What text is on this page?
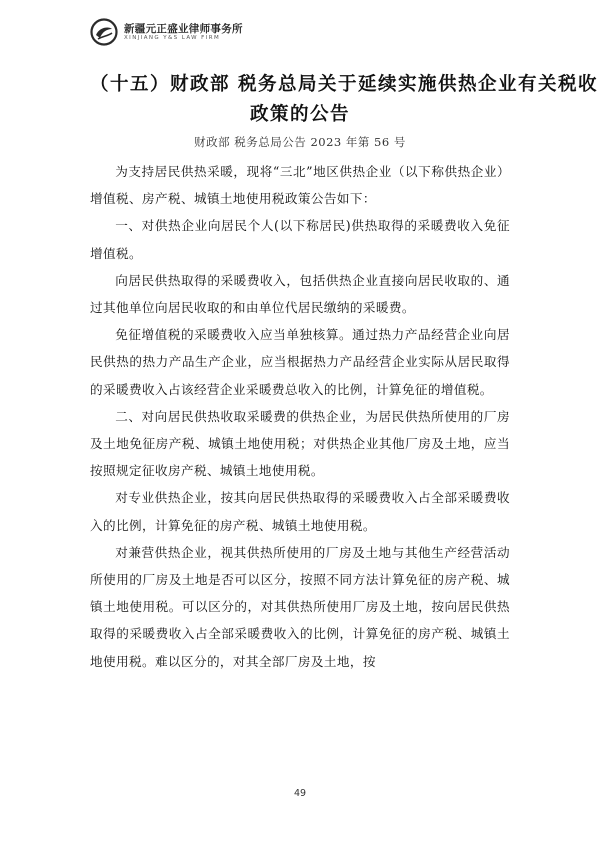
新疆元正盛业律师事务所
XINJIANG Y&S LAW FIRM
（十五）财政部 税务总局关于延续实施供热企业有关税收
政策的公告
财政部 税务总局公告 2023 年第 56 号

为支持居民供热采暖，现将“三北”地区供热企业（以下称供热企业）增值税、房产税、城镇土地使用税政策公告如下：

一、对供热企业向居民个人(以下称居民)供热取得的采暖费收入免征增值税。

向居民供热取得的采暖费收入，包括供热企业直接向居民收取的、通过其他单位向居民收取的和由单位代居民缴纳的采暖费。

免征增值税的采暖费收入应当单独核算。通过热力产品经营企业向居民供热的热力产品生产企业，应当根据热力产品经营企业实际从居民取得的采暖费收入占该经营企业采暖费总收入的比例，计算免征的增值税。

二、对向居民供热收取采暖费的供热企业，为居民供热所使用的厂房及土地免征房产税、城镇土地使用税；对供热企业其他厂房及土地，应当按照规定征收房产税、城镇土地使用税。

对专业供热企业，按其向居民供热取得的采暖费收入占全部采暖费收入的比例，计算免征的房产税、城镇土地使用税。

对兼营供热企业，视其供热所使用的厂房及土地与其他生产经营活动所使用的厂房及土地是否可以区分，按照不同方法计算免征的房产税、城镇土地使用税。可以区分的，对其供热所使用厂房及土地，按向居民供热取得的采暖费收入占全部采暖费收入的比例，计算免征的房产税、城镇土地使用税。难以区分的，对其全部厂房及土地，按

49
